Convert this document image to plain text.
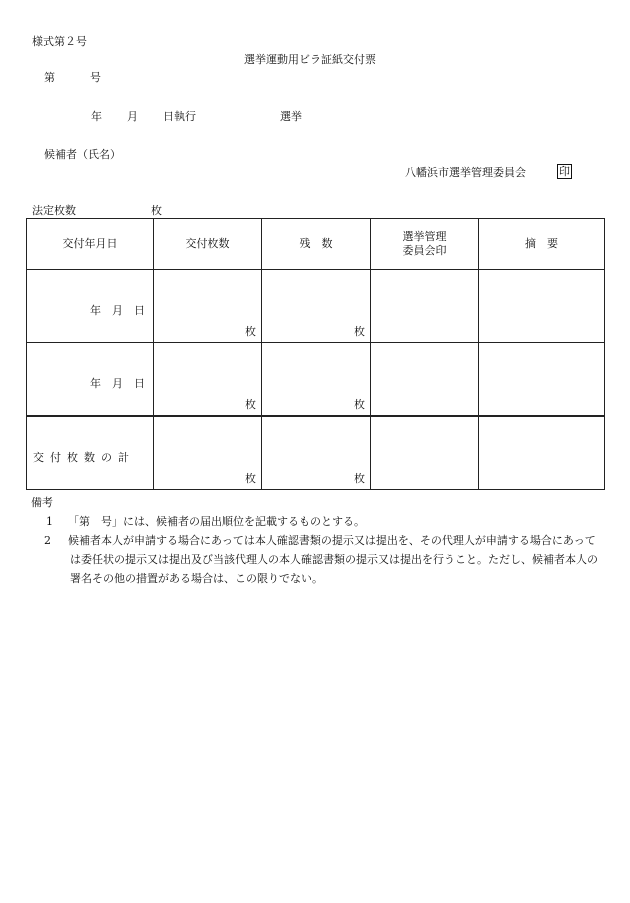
様式第２号
選挙運動用ビラ証紙交付票
第	号
年 月 日執行	選挙
候補者（氏名）
八幡浜市選挙管理委員会	印
法定枚数	枚
交付年月日	交付枚数	残　数	選挙管理
委員会印	摘　要

年　月　日	枚	枚		

年　月　日	枚	枚		

交付枚数の計	枚	枚		

備考
1 「第　号」には、候補者の届出順位を記載するものとする。
2 候補者本人が申請する場合にあっては本人確認書類の提示又は提出を、その代理人が申請する場合にあっては委任状の提示又は提出及び当該代理人の本人確認書類の提示又は提出を行うこと。ただし、候補者本人の署名その他の措置がある場合は、この限りでない。
